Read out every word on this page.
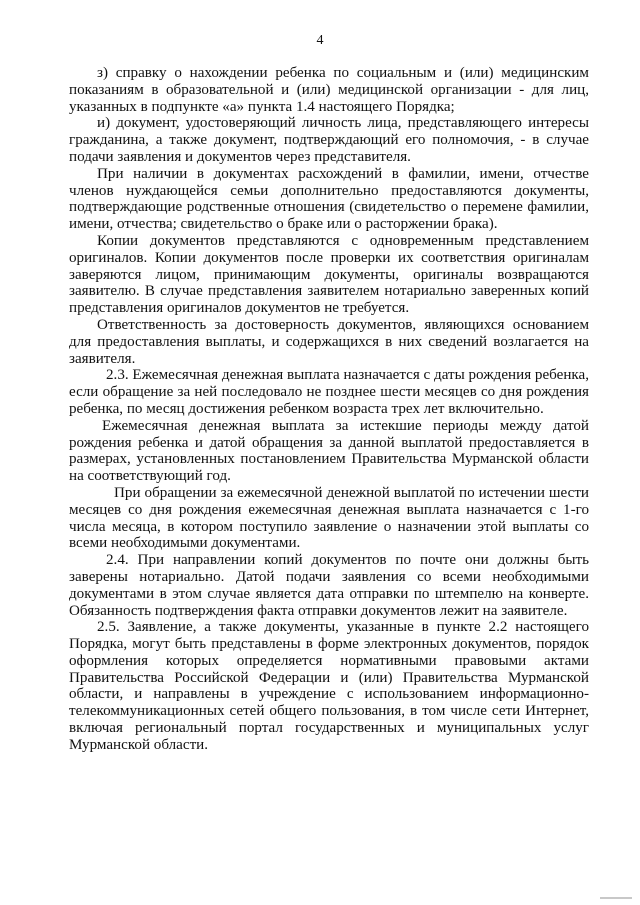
4

з) справку о нахождении ребенка по социальным и (или) медицинским показаниям в образовательной и (или) медицинской организации - для лиц, указанных в подпункте «а» пункта 1.4 настоящего Порядка;

и) документ, удостоверяющий личность лица, представляющего интересы гражданина, а также документ, подтверждающий его полномочия, - в случае подачи заявления и документов через представителя.

При наличии в документах расхождений в фамилии, имени, отчестве членов нуждающейся семьи дополнительно предоставляются документы, подтверждающие родственные отношения (свидетельство о перемене фамилии, имени, отчества; свидетельство о браке или о расторжении брака).

Копии документов представляются с одновременным представлением оригиналов. Копии документов после проверки их соответствия оригиналам заверяются лицом, принимающим документы, оригиналы возвращаются заявителю. В случае представления заявителем нотариально заверенных копий представления оригиналов документов не требуется.

Ответственность за достоверность документов, являющихся основанием для предоставления выплаты, и содержащихся в них сведений возлагается на заявителя.

2.3. Ежемесячная денежная выплата назначается с даты рождения ребенка, если обращение за ней последовало не позднее шести месяцев со дня рождения ребенка, по месяц достижения ребенком возраста трех лет включительно.

Ежемесячная денежная выплата за истекшие периоды между датой рождения ребенка и датой обращения за данной выплатой предоставляется в размерах, установленных постановлением Правительства Мурманской области на соответствующий год.

При обращении за ежемесячной денежной выплатой по истечении шести месяцев со дня рождения ежемесячная денежная выплата назначается с 1-го числа месяца, в котором поступило заявление о назначении этой выплаты со всеми необходимыми документами.

2.4. При направлении копий документов по почте они должны быть заверены нотариально. Датой подачи заявления со всеми необходимыми документами в этом случае является дата отправки по штемпелю на конверте. Обязанность подтверждения факта отправки документов лежит на заявителе.

2.5. Заявление, а также документы, указанные в пункте 2.2 настоящего Порядка, могут быть представлены в форме электронных документов, порядок оформления которых определяется нормативными правовыми актами Правительства Российской Федерации и (или) Правительства Мурманской области, и направлены в учреждение с использованием информационно-телекоммуникационных сетей общего пользования, в том числе сети Интернет, включая региональный портал государственных и муниципальных услуг Мурманской области.
